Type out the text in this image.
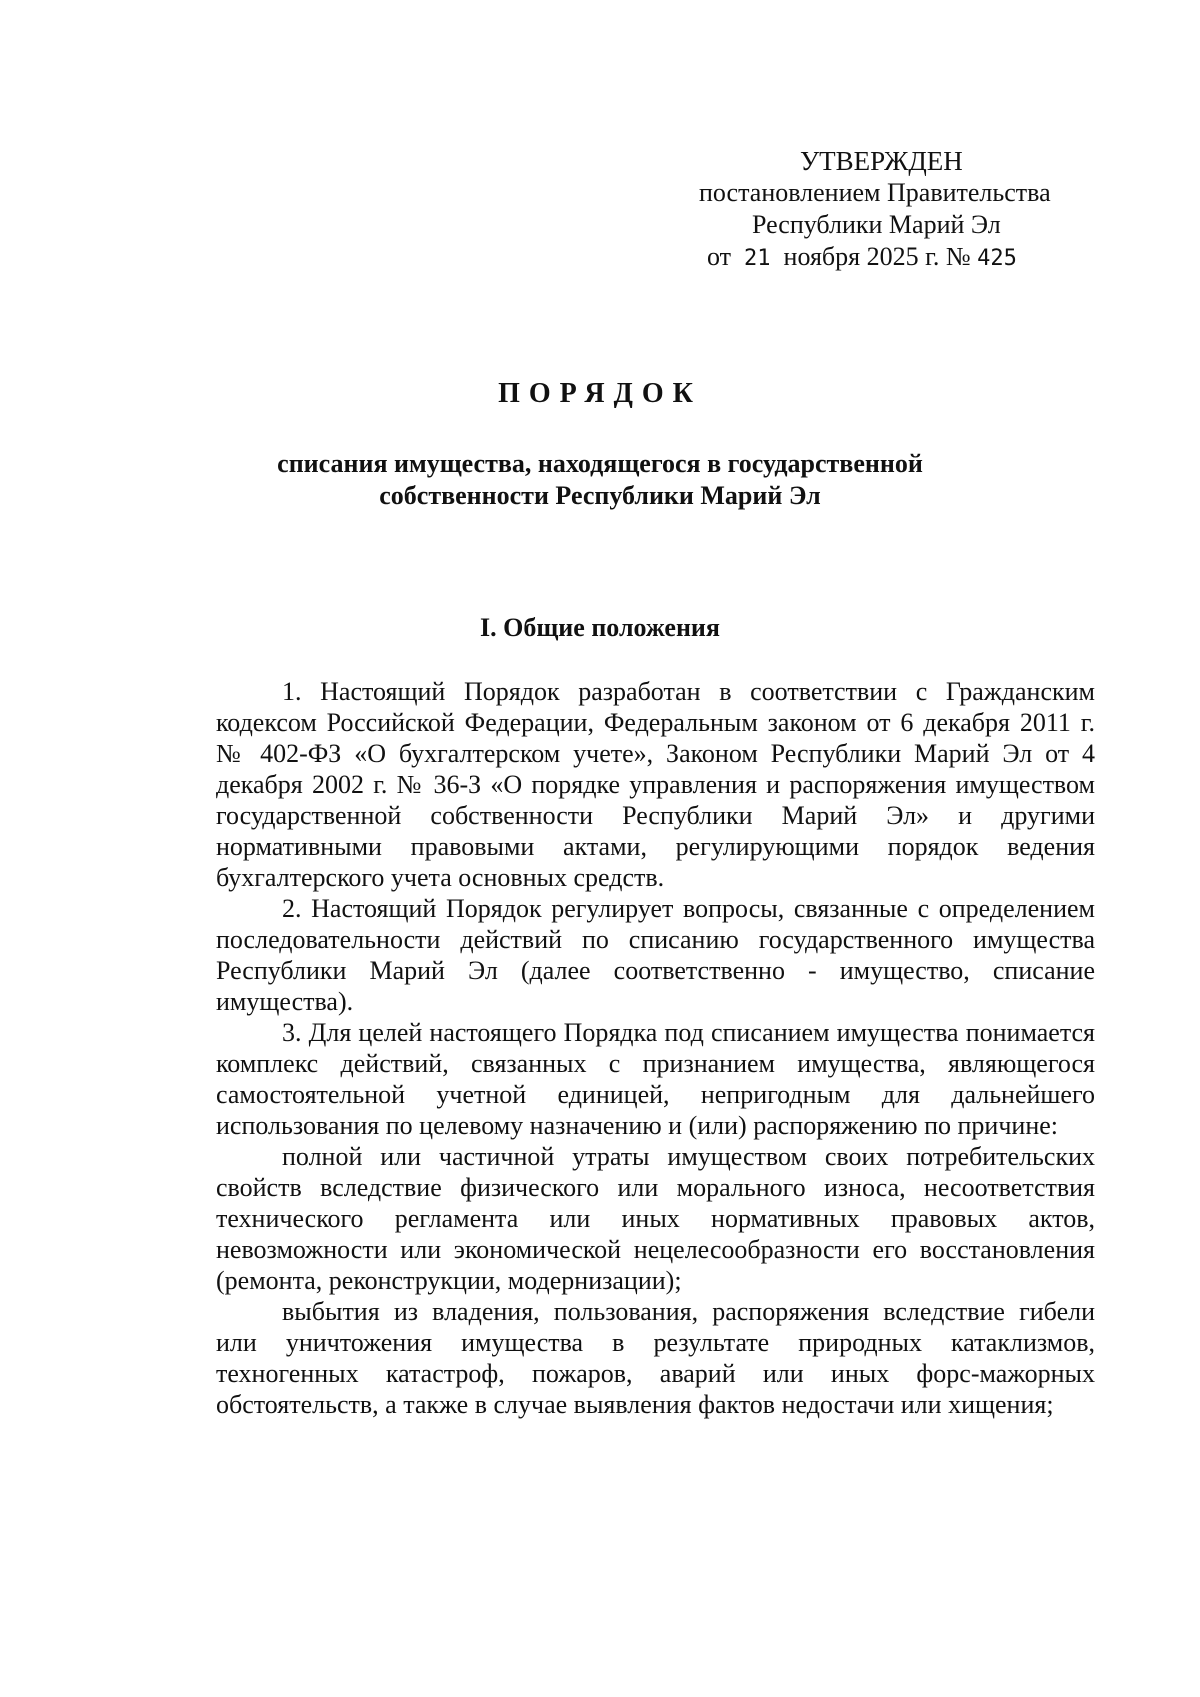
УТВЕРЖДЕН
постановлением Правительства
Республики Марий Эл
от 21 ноября 2025 г. № 425
ПОРЯДОК
списания имущества, находящегося в государственной
собственности Республики Марий Эл
I. Общие положения

1. Настоящий Порядок разработан в соответствии с Гражданским кодексом Российской Федерации, Федеральным законом от 6 декабря 2011 г. № 402-ФЗ «О бухгалтерском учете», Законом Республики Марий Эл от 4 декабря 2002 г. № 36-З «О порядке управления и распоряжения имуществом государственной собственности Республики Марий Эл» и другими нормативными правовыми актами, регулирующими порядок ведения бухгалтерского учета основных средств.

2. Настоящий Порядок регулирует вопросы, связанные с определением последовательности действий по списанию государственного имущества Республики Марий Эл (далее соответственно - имущество, списание имущества).

3. Для целей настоящего Порядка под списанием имущества понимается комплекс действий, связанных с признанием имущества, являющегося самостоятельной учетной единицей, непригодным для дальнейшего использования по целевому назначению и (или) распоряжению по причине:

полной или частичной утраты имуществом своих потребительских свойств вследствие физического или морального износа, несоответствия технического регламента или иных нормативных правовых актов, невозможности или экономической нецелесообразности его восстановления (ремонта, реконструкции, модернизации);

выбытия из владения, пользования, распоряжения вследствие гибели или уничтожения имущества в результате природных катаклизмов, техногенных катастроф, пожаров, аварий или иных форс-мажорных обстоятельств, а также в случае выявления фактов недостачи или хищения;
